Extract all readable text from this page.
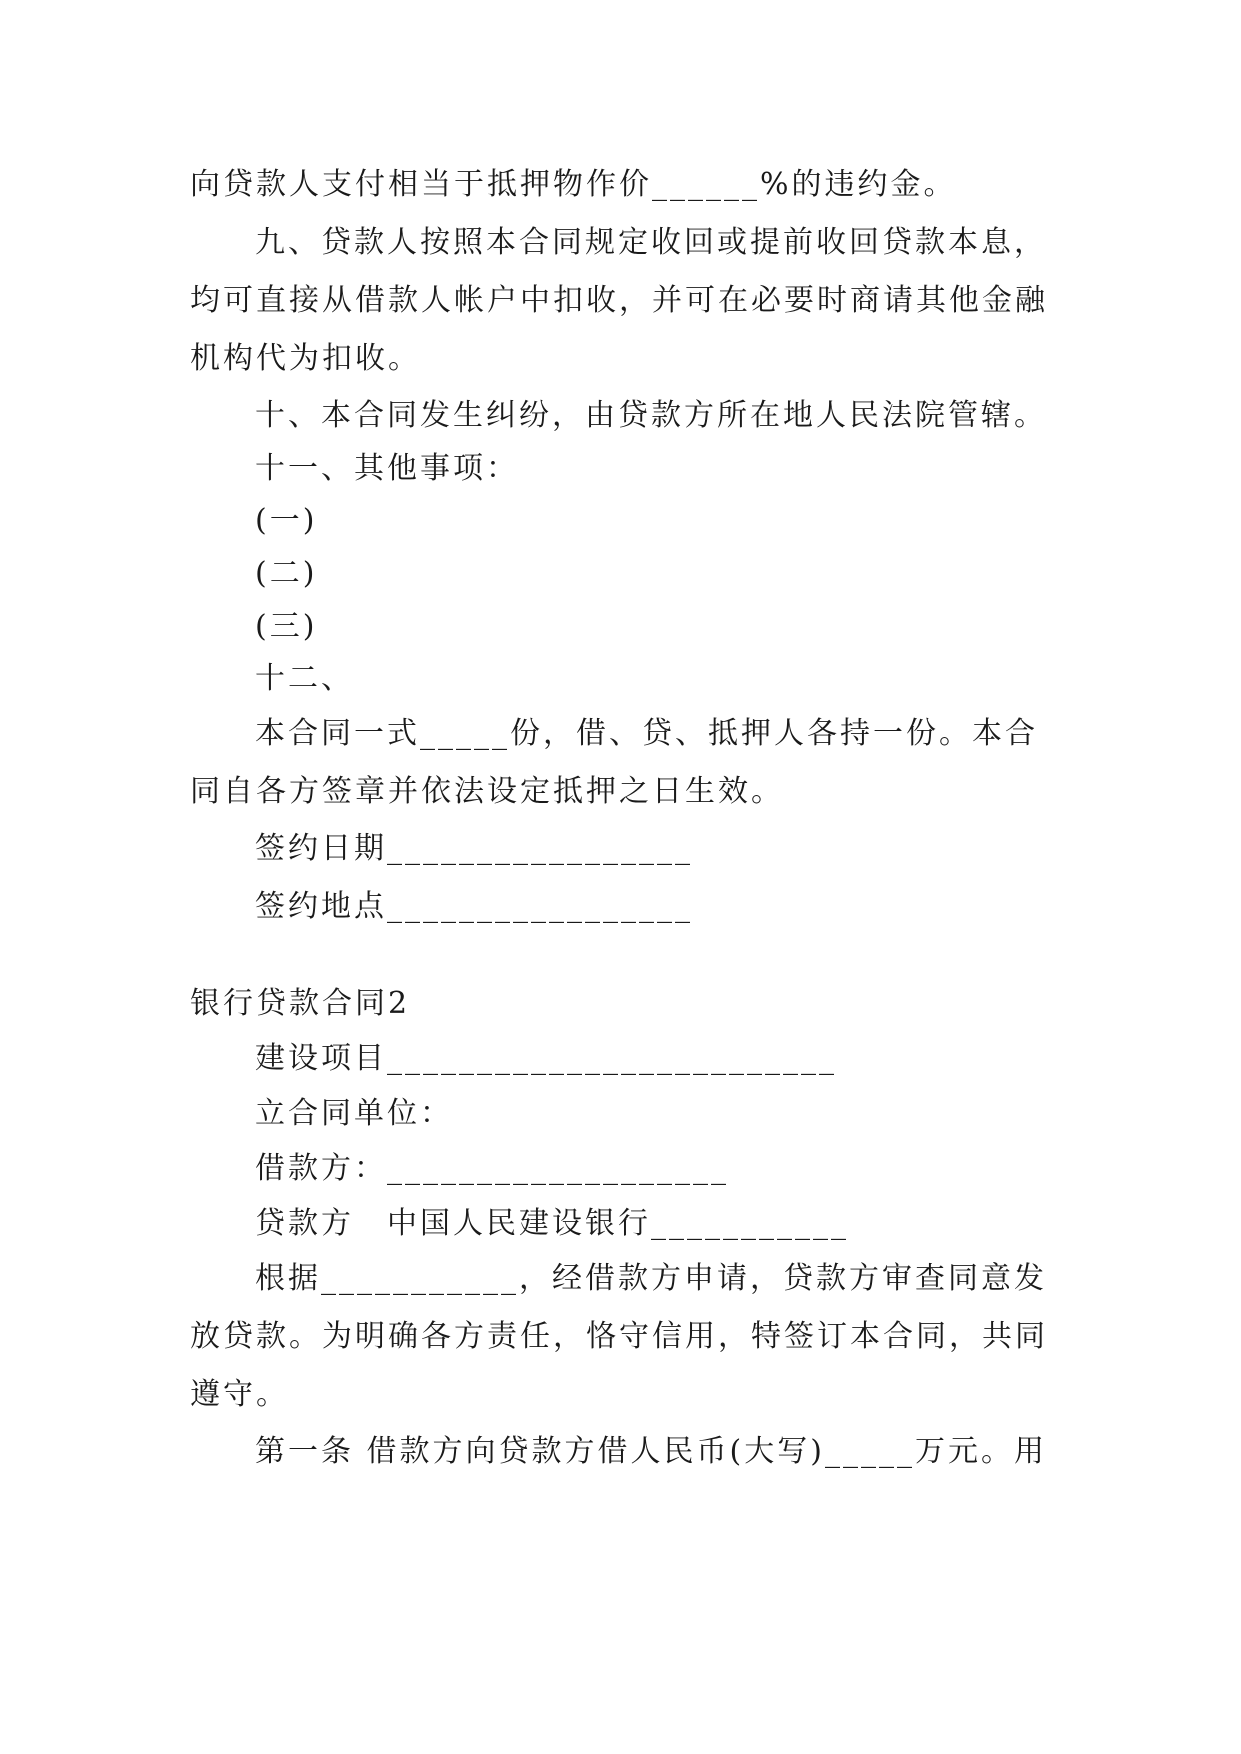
向贷款人支付相当于抵押物作价______%的违约金。
九、贷款人按照本合同规定收回或提前收回贷款本息，
均可直接从借款人帐户中扣收，并可在必要时商请其他金融
机构代为扣收。
十、本合同发生纠纷，由贷款方所在地人民法院管辖。
十一、其他事项：
(一)
(二)
(三)
十二、
本合同一式_____份，借、贷、抵押人各持一份。本合
同自各方签章并依法设定抵押之日生效。
签约日期_________________
签约地点_________________
银行贷款合同2
建设项目_________________________
立合同单位：
借款方：___________________
贷款方　中国人民建设银行___________
根据___________，经借款方申请，贷款方审查同意发
放贷款。为明确各方责任，恪守信用，特签订本合同，共同
遵守。
第一条 借款方向贷款方借人民币(大写)_____万元。用
